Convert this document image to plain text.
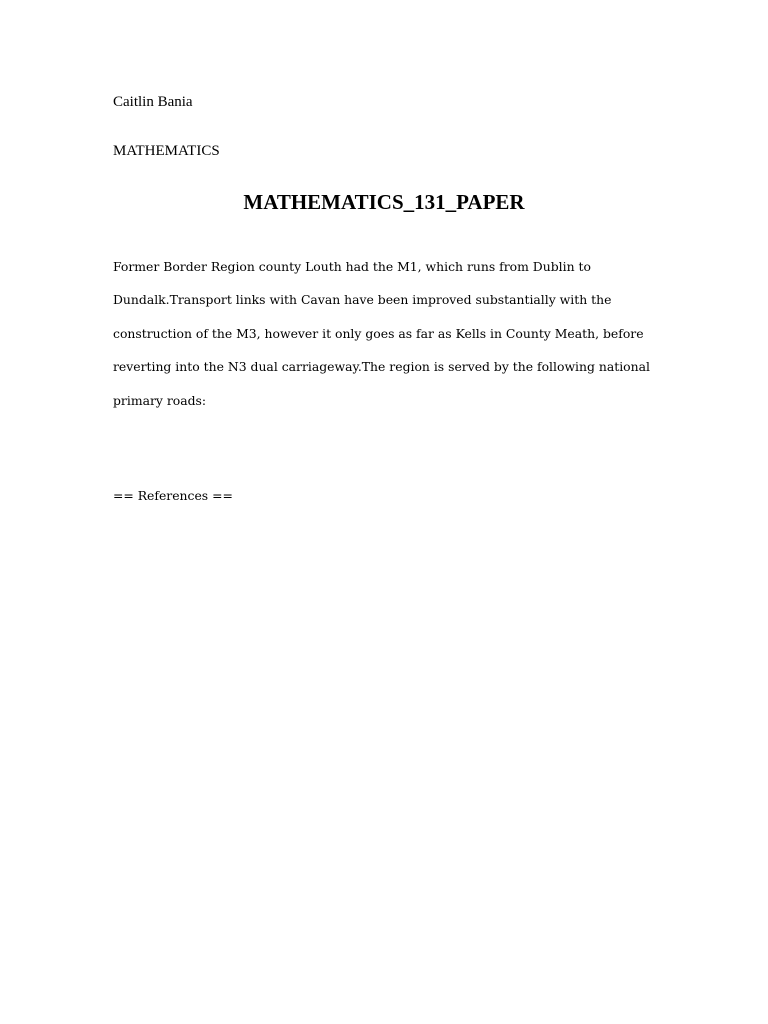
Caitlin Bania
MATHEMATICS
MATHEMATICS_131_PAPER

Former Border Region county Louth had the M1, which runs from Dublin to
Dundalk.Transport links with Cavan have been improved substantially with the
construction of the M3, however it only goes as far as Kells in County Meath, before
reverting into the N3 dual carriageway.The region is served by the following national
primary roads:

== References ==
